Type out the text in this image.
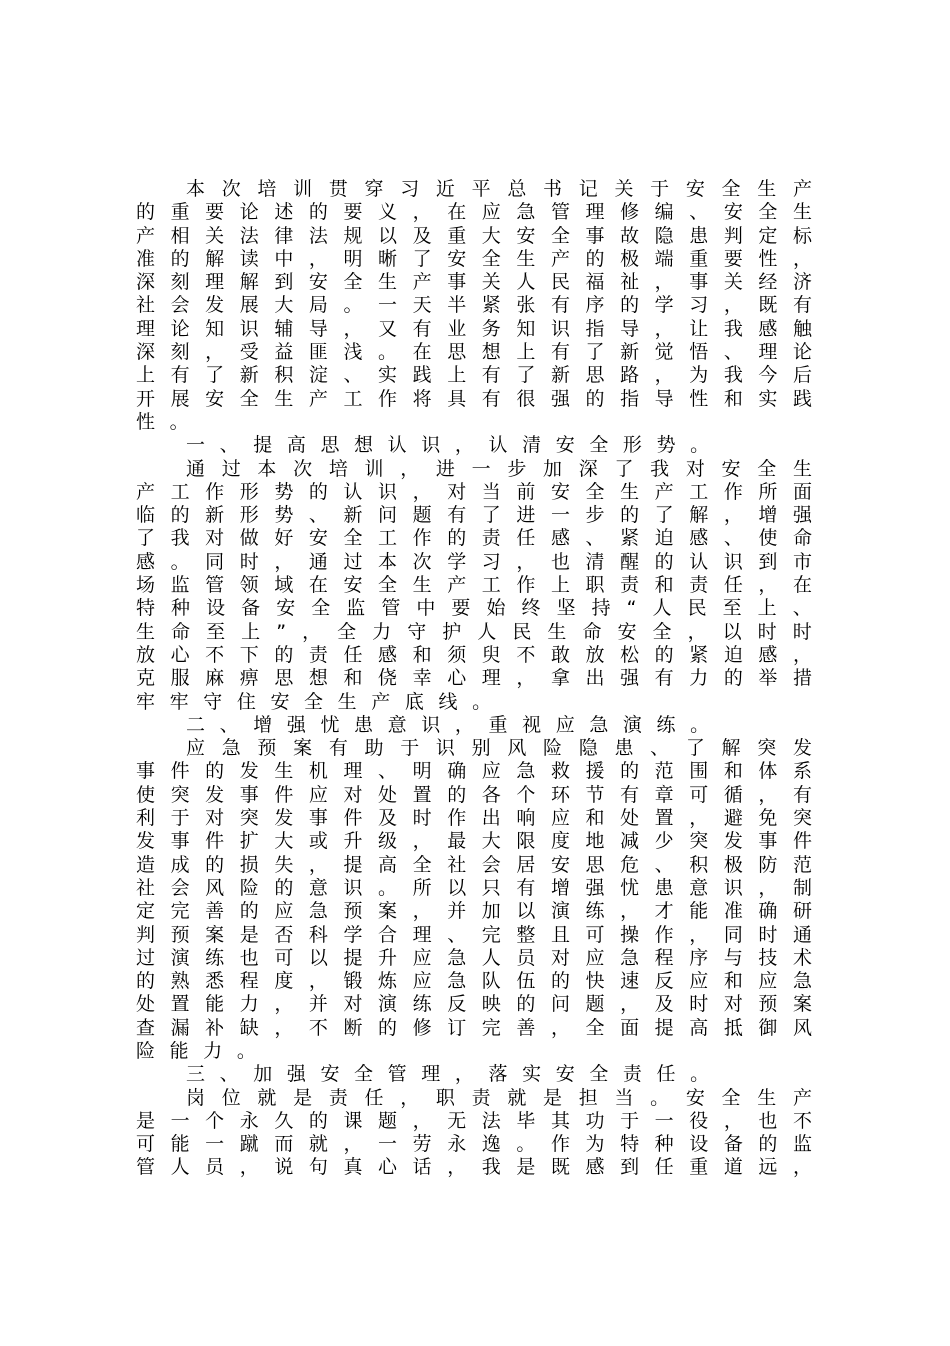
本 次 培 训 贯 穿 习 近 平 总 书 记 关 于 安 全 生 产
的 重 要 论 述 的 要 义 ， 在 应 急 管 理 修 编 、 安 全 生
产 相 关 法 律 法 规 以 及 重 大 安 全 事 故 隐 患 判 定 标
准 的 解 读 中 ， 明 晰 了 安 全 生 产 的 极 端 重 要 性 ，
深 刻 理 解 到 安 全 生 产 事 关 人 民 福 祉 ， 事 关 经 济
社 会 发 展 大 局 。 一 天 半 紧 张 有 序 的 学 习 ， 既 有
理 论 知 识 辅 导 ， 又 有 业 务 知 识 指 导 ， 让 我 感 触
深 刻 ， 受 益 匪 浅 。 在 思 想 上 有 了 新 觉 悟 、 理 论
上 有 了 新 积 淀 、 实 践 上 有 了 新 思 路 ， 为 我 今 后
开 展 安 全 生 产 工 作 将 具 有 很 强 的 指 导 性 和 实 践
性 。
一 、 提 高 思 想 认 识 ， 认 清 安 全 形 势 。
通 过 本 次 培 训 ， 进 一 步 加 深 了 我 对 安 全 生
产 工 作 形 势 的 认 识 ， 对 当 前 安 全 生 产 工 作 所 面
临 的 新 形 势 、 新 问 题 有 了 进 一 步 的 了 解 ， 增 强
了 我 对 做 好 安 全 工 作 的 责 任 感 、 紧 迫 感 、 使 命
感 。 同 时 ， 通 过 本 次 学 习 ， 也 清 醒 的 认 识 到 市
场 监 管 领 域 在 安 全 生 产 工 作 上 职 责 和 责 任 ， 在
特 种 设 备 安 全 监 管 中 要 始 终 坚 持 “ 人 民 至 上 、
生 命 至 上 ” ， 全 力 守 护 人 民 生 命 安 全 ， 以 时 时
放 心 不 下 的 责 任 感 和 须 臾 不 敢 放 松 的 紧 迫 感 ，
克 服 麻 痹 思 想 和 侥 幸 心 理 ， 拿 出 强 有 力 的 举 措
牢 牢 守 住 安 全 生 产 底 线 。
二 、 增 强 忧 患 意 识 ， 重 视 应 急 演 练 。
应 急 预 案 有 助 于 识 别 风 险 隐 患 、 了 解 突 发
事 件 的 发 生 机 理 、 明 确 应 急 救 援 的 范 围 和 体 系
使 突 发 事 件 应 对 处 置 的 各 个 环 节 有 章 可 循 ， 有
利 于 对 突 发 事 件 及 时 作 出 响 应 和 处 置 ， 避 免 突
发 事 件 扩 大 或 升 级 ， 最 大 限 度 地 减 少 突 发 事 件
造 成 的 损 失 ， 提 高 全 社 会 居 安 思 危 、 积 极 防 范
社 会 风 险 的 意 识 。 所 以 只 有 增 强 忧 患 意 识 ， 制
定 完 善 的 应 急 预 案 ， 并 加 以 演 练 ， 才 能 准 确 研
判 预 案 是 否 科 学 合 理 、 完 整 且 可 操 作 ， 同 时 通
过 演 练 也 可 以 提 升 应 急 人 员 对 应 急 程 序 与 技 术
的 熟 悉 程 度 ， 锻 炼 应 急 队 伍 的 快 速 反 应 和 应 急
处 置 能 力 ， 并 对 演 练 反 映 的 问 题 ， 及 时 对 预 案
查 漏 补 缺 ， 不 断 的 修 订 完 善 ， 全 面 提 高 抵 御 风
险 能 力 。
三 、 加 强 安 全 管 理 ， 落 实 安 全 责 任 。
岗 位 就 是 责 任 ， 职 责 就 是 担 当 。 安 全 生 产
是 一 个 永 久 的 课 题 ， 无 法 毕 其 功 于 一 役 ， 也 不
可 能 一 蹴 而 就 ， 一 劳 永 逸 。 作 为 特 种 设 备 的 监
管 人 员 ， 说 句 真 心 话 ， 我 是 既 感 到 任 重 道 远 ，
